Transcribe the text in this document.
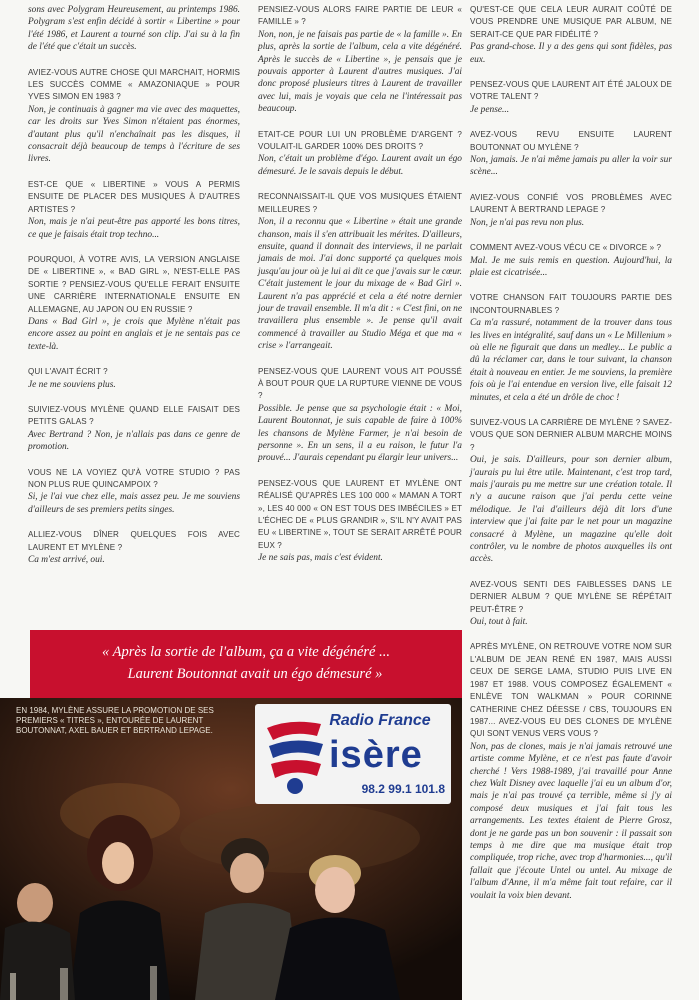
sons avec Polygram Heureusement, au printemps 1986. Polygram s'est enfin décidé à sortir « Libertine » pour l'été 1986, et Laurent a tourné son clip. J'ai su à la fin de l'été que c'était un succès.

AVIEZ-VOUS AUTRE CHOSE QUI MARCHAIT, HORMIS LES SUCCÈS COMME « AMAZONIAQUE » POUR YVES SIMON EN 1983 ?

Non, je continuais à gagner ma vie avec des maquettes, car les droits sur Yves Simon n'étaient pas énormes, d'autant plus qu'il n'enchaînait pas les disques, il consacrait déjà beaucoup de temps à l'écriture de ses livres.

EST-CE QUE « LIBERTINE » VOUS A PERMIS ENSUITE DE PLACER DES MUSIQUES À D'AUTRES ARTISTES ?

Non, mais je n'ai peut-être pas apporté les bons titres, ce que je faisais était trop techno...

POURQUOI, À VOTRE AVIS, LA VERSION ANGLAISE DE « LIBERTINE », « BAD GIRL », N'EST-ELLE PAS SORTIE ? PENSIEZ-VOUS QU'ELLE FERAIT ENSUITE UNE CARRIÈRE INTERNATIONALE ENSUITE EN ALLEMAGNE, AU JAPON OU EN RUSSIE ?

Dans « Bad Girl », je crois que Mylène n'était pas encore assez au point en anglais et je ne sentais pas ce texte-là.

QUI L'AVAIT ÉCRIT ?

Je ne me souviens plus.

SUIVIEZ-VOUS MYLÈNE QUAND ELLE FAISAIT DES PETITS GALAS ?

Avec Bertrand ? Non, je n'allais pas dans ce genre de promotion.

VOUS NE LA VOYIEZ QU'À VOTRE STUDIO ? PAS NON PLUS RUE QUINCAMPOIX ?

Si, je l'ai vue chez elle, mais assez peu. Je me souviens d'ailleurs de ses premiers petits singes.

ALLIEZ-VOUS DÎNER QUELQUES FOIS AVEC LAURENT ET MYLÈNE ?

Ca m'est arrivé, oui.

PENSIEZ-VOUS ALORS FAIRE PARTIE DE LEUR « FAMILLE » ?

Non, non, je ne faisais pas partie de « la famille ». En plus, après la sortie de l'album, cela a vite dégénéré. Après le succès de « Libertine », je pensais que je pouvais apporter à Laurent d'autres musiques. J'ai donc proposé plusieurs titres à Laurent de travailler avec lui, mais je voyais que cela ne l'intéressait pas beaucoup.

ETAIT-CE POUR LUI UN PROBLÈME D'ARGENT ? VOULAIT-IL GARDER 100% DES DROITS ?

Non, c'était un problème d'égo. Laurent avait un égo démesuré. Je le savais depuis le début.

RECONNAISSAIT-IL QUE VOS MUSIQUES ÉTAIENT MEILLEURES ?

Non, il a reconnu que « Libertine » était une grande chanson, mais il s'en attribuait les mérites. D'ailleurs, ensuite, quand il donnait des interviews, il ne parlait jamais de moi. J'ai donc supporté ça quelques mois jusqu'au jour où je lui ai dit ce que j'avais sur le cœur. C'était justement le jour du mixage de « Bad Girl ». Laurent n'a pas apprécié et cela a été notre dernier jour de travail ensemble. Il m'a dit : « C'est fini, on ne travaillera plus ensemble ». Je pense qu'il avait commencé à travailler au Studio Méga et que ma « crise » l'arrangeait.

PENSEZ-VOUS QUE LAURENT VOUS AIT POUSSÉ À BOUT POUR QUE LA RUPTURE VIENNE DE VOUS ?

Possible. Je pense que sa psychologie était : « Moi, Laurent Boutonnat, je suis capable de faire à 100% les chansons de Mylène Farmer, je n'ai besoin de personne ». En un sens, il a eu raison, le futur l'a prouvé... J'aurais cependant pu élargir leur univers...

PENSEZ-VOUS QUE LAURENT ET MYLÈNE ONT RÉALISÉ QU'APRÈS LES 100 000 « MAMAN A TORT », LES 40 000 « ON EST TOUS DES IMBÉCILES » ET L'ÉCHEC DE « PLUS GRANDIR », S'IL N'Y AVAIT PAS EU « LIBERTINE », TOUT SE SERAIT ARRÊTÉ POUR EUX ?

Je ne sais pas, mais c'est évident.

QU'EST-CE QUE CELA LEUR AURAIT COÛTÉ DE VOUS PRENDRE UNE MUSIQUE PAR ALBUM, NE SERAIT-CE QUE PAR FIDÉLITÉ ?

Pas grand-chose. Il y a des gens qui sont fidèles, pas eux.

PENSEZ-VOUS QUE LAURENT AIT ÉTÉ JALOUX DE VOTRE TALENT ?

Je pense...

AVEZ-VOUS REVU ENSUITE LAURENT BOUTONNAT OU MYLÈNE ?

Non, jamais. Je n'ai même jamais pu aller la voir sur scène...

AVIEZ-VOUS CONFIÉ VOS PROBLÈMES AVEC LAURENT À BERTRAND LEPAGE ?

Non, je n'ai pas revu non plus.

COMMENT AVEZ-VOUS VÉCU CE « DIVORCE » ?

Mal. Je me suis remis en question. Aujourd'hui, la plaie est cicatrisée...

VOTRE CHANSON FAIT TOUJOURS PARTIE DES INCONTOURNABLES ?

Ca m'a rassuré, notamment de la trouver dans tous les lives en intégralité, sauf dans un « Le Millenium » où elle ne figurait que dans un medley... Le public a dû la réclamer car, dans le tour suivant, la chanson était à nouveau en entier. Je me souviens, la première fois où je l'ai entendue en version live, elle faisait 12 minutes, et cela a été un drôle de choc !

SUIVEZ-VOUS LA CARRIÈRE DE MYLÈNE ? SAVEZ-VOUS QUE SON DERNIER ALBUM MARCHE MOINS ?

Oui, je sais. D'ailleurs, pour son dernier album, j'aurais pu lui être utile. Maintenant, c'est trop tard, mais j'aurais pu me mettre sur une création totale. Il n'y a aucune raison que j'ai perdu cette veine mélodique. Je l'ai d'ailleurs déjà dit lors d'une interview que j'ai faite par le net pour un magazine consacré à Mylène, un magazine qu'elle doit contrôler, vu le nombre de photos auxquelles ils ont accès.

AVEZ-VOUS SENTI DES FAIBLESSES DANS LE DERNIER ALBUM ? QUE MYLÈNE SE RÉPÉTAIT PEUT-ÊTRE ?

Oui, tout à fait.

APRÈS MYLÈNE, ON RETROUVE VOTRE NOM SUR L'ALBUM DE JEAN RENÉ EN 1987, MAIS AUSSI CEUX DE SERGE LAMA, STUDIO PUIS LIVE EN 1987 ET 1988. VOUS COMPOSEZ ÉGALEMENT « ENLÈVE TON WALKMAN » POUR CORINNE CATHERINE CHEZ DÉESSE / CBS, TOUJOURS EN 1987... AVEZ-VOUS EU DES CLONES DE MYLÈNE QUI SONT VENUS VERS VOUS ?

Non, pas de clones, mais je n'ai jamais retrouvé une artiste comme Mylène, et ce n'est pas faute d'avoir cherché ! Vers 1988-1989, j'ai travaillé pour Anne chez Walt Disney avec laquelle j'ai eu un album d'or, mais je n'ai pas trouvé ça terrible, même si j'y ai composé deux musiques et j'ai fait tous les arrangements. Les textes étaient de Pierre Grosz, dont je ne garde pas un bon souvenir : il passait son temps à me dire que ma musique était trop compliquée, trop riche, avec trop d'harmonies..., qu'il fallait que j'écoute Untel ou untel. Au mixage de l'album d'Anne, il m'a même fait tout refaire, car il voulait la voix bien devant.

« Après la sortie de l'album, ça a vite dégénéré ...

Laurent Boutonnat avait un égo démesuré »

EN 1984, MYLÈNE ASSURE LA PROMOTION DE SES PREMIERS « TITRES », ENTOURÉE DE LAURENT BOUTONNAT, AXEL BAUER ET BERTRAND LEPAGE.
Radio France
isère
98.2 99.1 101.8
